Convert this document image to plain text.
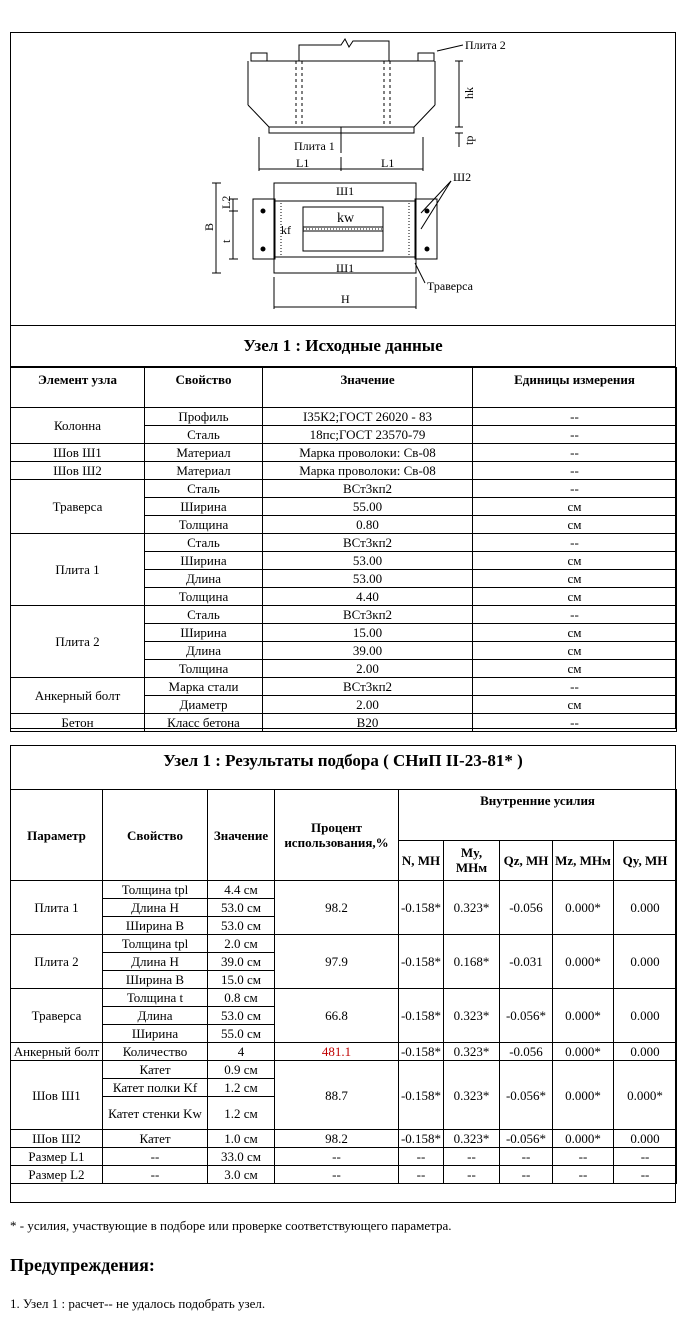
Плита 2
Плита 1
hk
tp
L1	L1
Ш1
Ш1
Ш2
kw
kf
L2
B
t
H
Траверса
Узел 1 : Исходные данные
Элемент узла	Свойство	Значение	Единицы измерения
Колонна	Профиль	I35К2;ГОСТ 26020 - 83	--
	Сталь	18пс;ГОСТ 23570-79	--
Шов Ш1	Материал	Марка проволоки: Св-08	--
Шов Ш2	Материал	Марка проволоки: Св-08	--
Траверса	Сталь	ВСт3кп2	--
	Ширина	55.00	см
	Толщина	0.80	см
Плита 1	Сталь	ВСт3кп2	--
	Ширина	53.00	см
	Длина	53.00	см
	Толщина	4.40	см
Плита 2	Сталь	ВСт3кп2	--
	Ширина	15.00	см
	Длина	39.00	см
	Толщина	2.00	см
Анкерный болт	Марка стали	ВСт3кп2	--
	Диаметр	2.00	см
Бетон	Класс бетона	B20	--
Узел 1 : Результаты подбора ( СНиП II-23-81* )
Параметр	Свойство	Значение	Процент использования,%	Внутренние усилия				
				N, МН	My, МНм	Qz, МН	Mz, МНм	Qy, МН
Плита 1	Толщина tpl	4.4 см	98.2	-0.158*	0.323*	-0.056	0.000*	0.000
	Длина H	53.0 см						
	Ширина B	53.0 см						
Плита 2	Толщина tpl	2.0 см	97.9	-0.158*	0.168*	-0.031	0.000*	0.000
	Длина H	39.0 см						
	Ширина B	15.0 см						
Траверса	Толщина t	0.8 см	66.8	-0.158*	0.323*	-0.056*	0.000*	0.000
	Длина	53.0 см						
	Ширина	55.0 см						
Анкерный болт	Количество	4	481.1	-0.158*	0.323*	-0.056	0.000*	0.000
Шов Ш1	Катет	0.9 см	88.7	-0.158*	0.323*	-0.056*	0.000*	0.000*
	Катет полки Kf	1.2 см						
	Катет стенки Kw	1.2 см						
Шов Ш2	Катет	1.0 см	98.2	-0.158*	0.323*	-0.056*	0.000*	0.000
Размер L1	--	33.0 см	--	--	--	--	--	--
Размер L2	--	3.0 см	--	--	--	--	--	--
* - усилия, участвующие в подборе или проверке соответствующего параметра.
Предупреждения:
1. Узел 1 : расчет-- не удалось подобрать узел.
